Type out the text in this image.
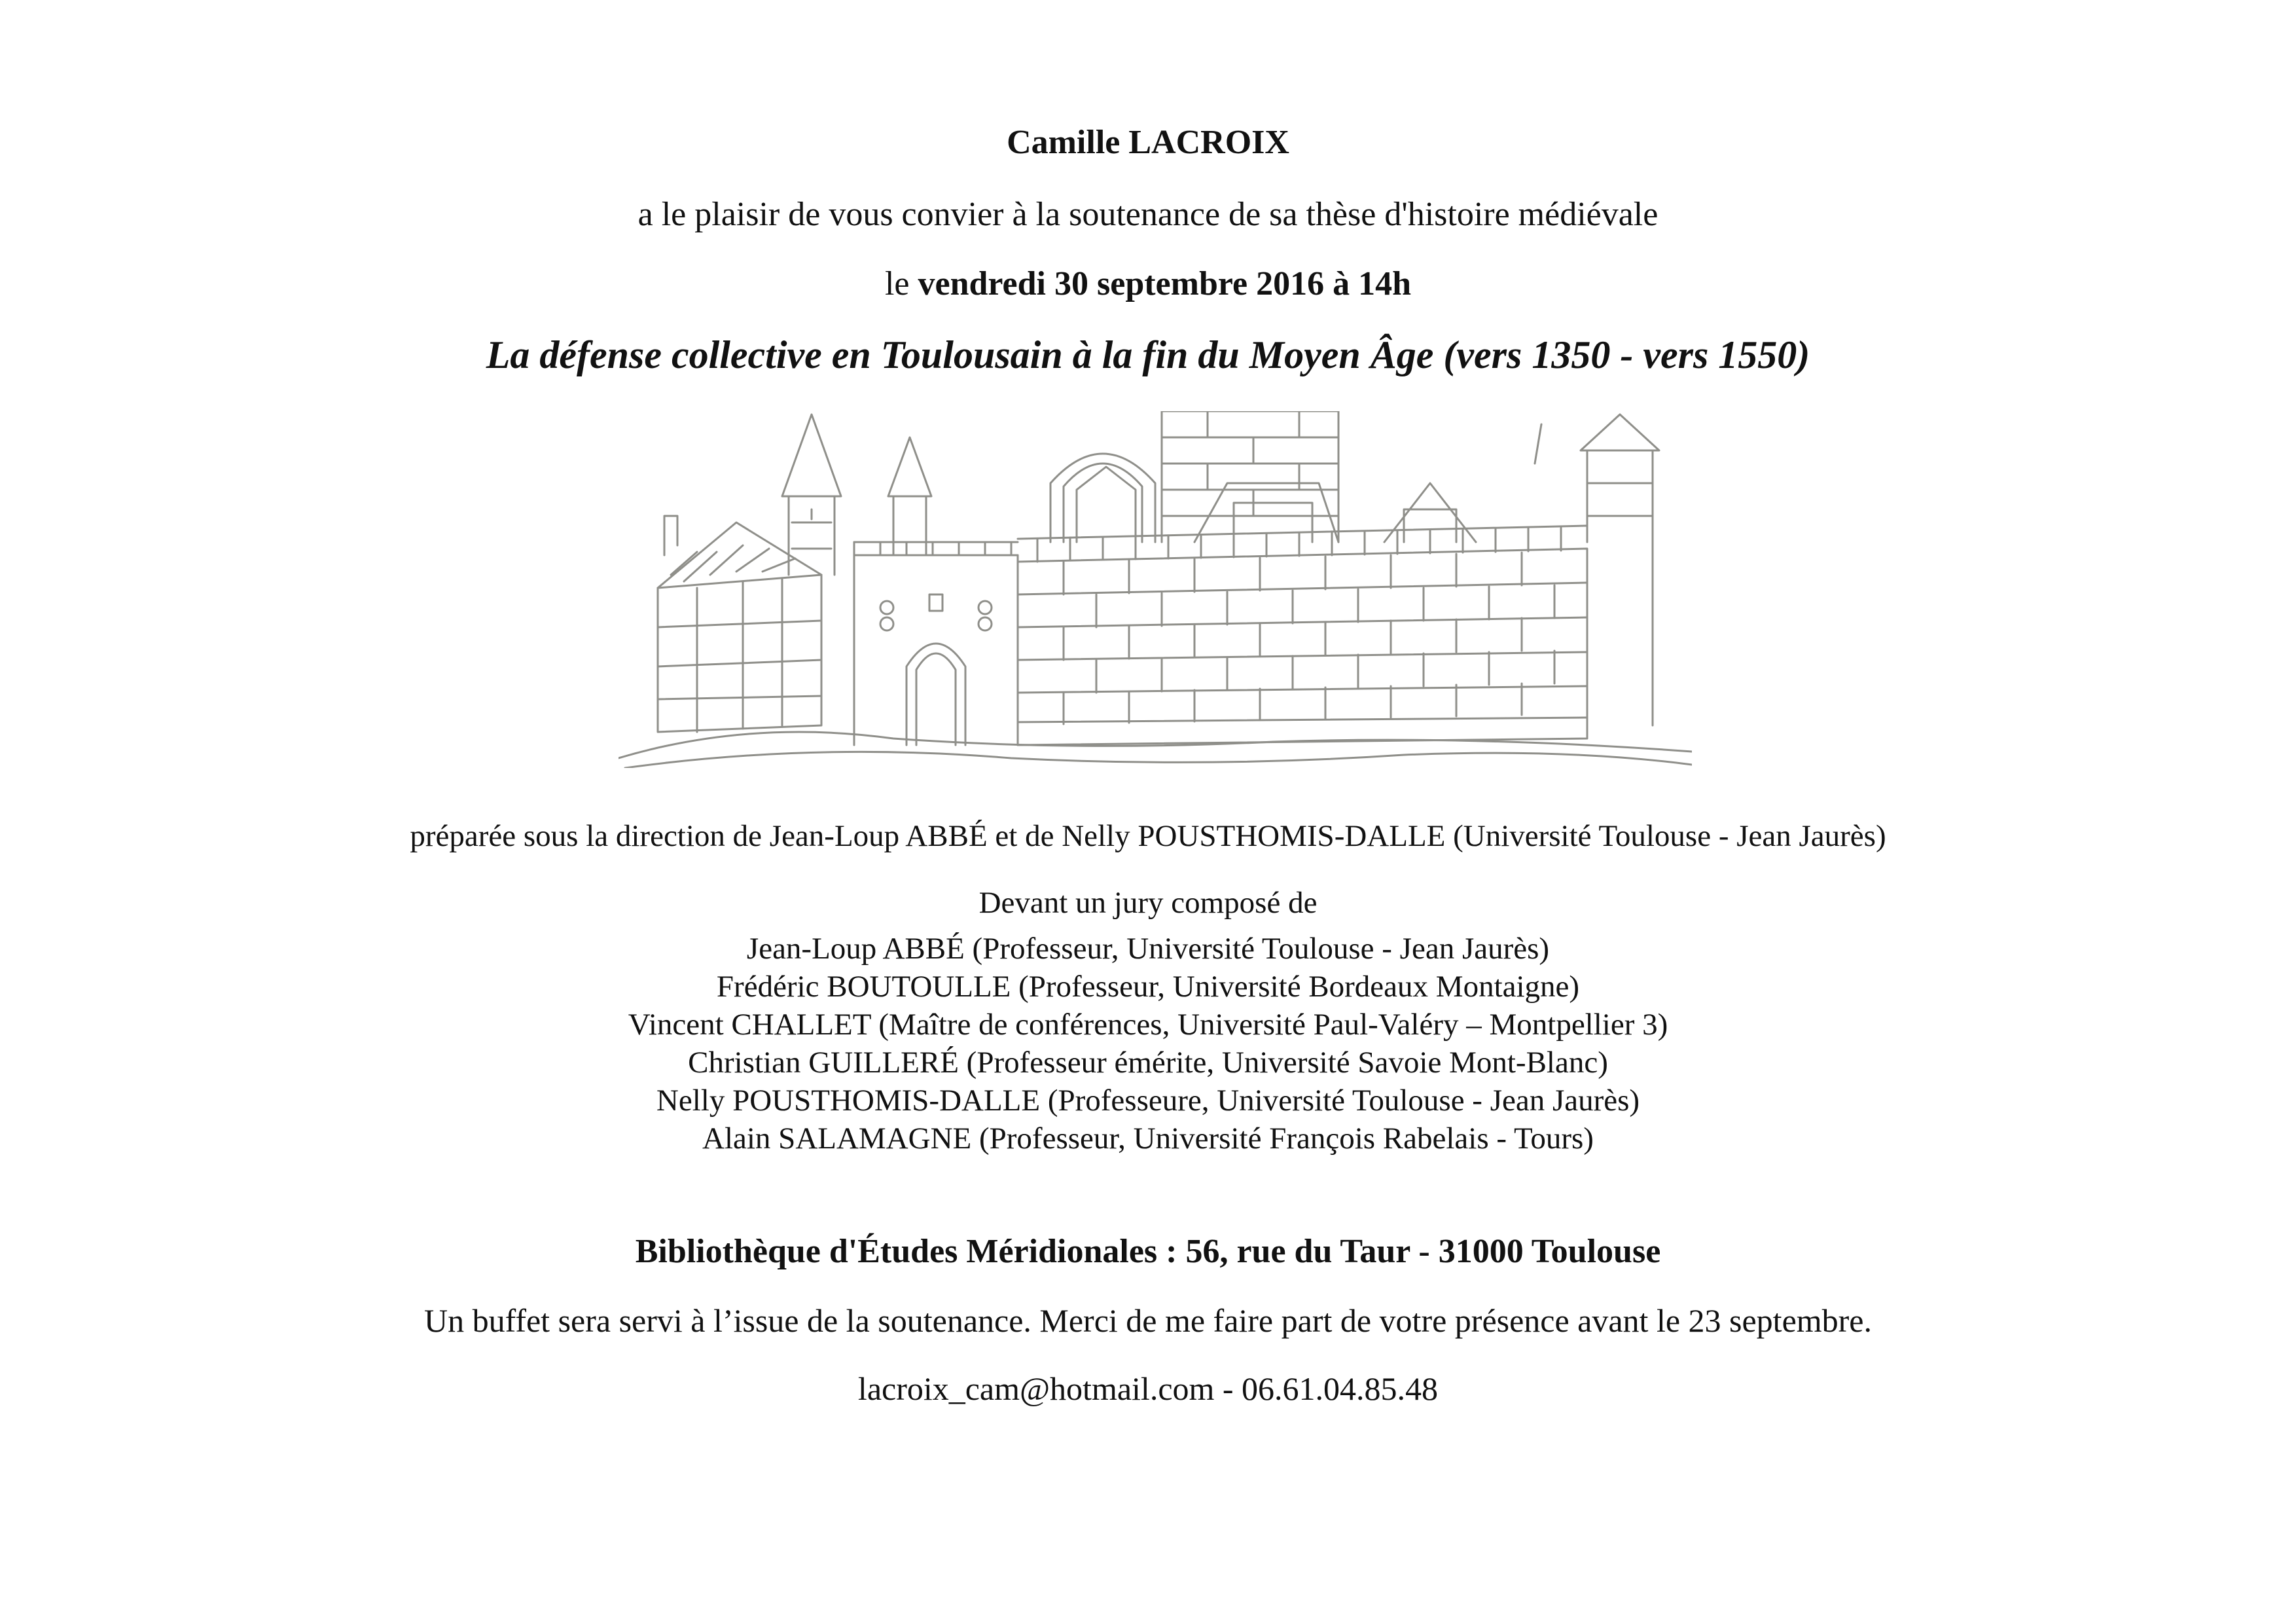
Camille LACROIX
a le plaisir de vous convier à la soutenance de sa thèse d'histoire médiévale
le vendredi 30 septembre 2016 à 14h
La défense collective en Toulousain à la fin du Moyen Âge (vers 1350 - vers 1550)
préparée sous la direction de Jean-Loup ABBÉ et de Nelly POUSTHOMIS-DALLE (Université Toulouse - Jean Jaurès)
Devant un jury composé de
Jean-Loup ABBÉ (Professeur, Université Toulouse - Jean Jaurès)
Frédéric BOUTOULLE (Professeur, Université Bordeaux Montaigne)
Vincent CHALLET (Maître de conférences, Université Paul-Valéry – Montpellier 3)
Christian GUILLERÉ (Professeur émérite, Université Savoie Mont-Blanc)
Nelly POUSTHOMIS-DALLE (Professeure, Université Toulouse - Jean Jaurès)
Alain SALAMAGNE (Professeur, Université François Rabelais - Tours)
Bibliothèque d'Études Méridionales : 56, rue du Taur - 31000 Toulouse
Un buffet sera servi à l’issue de la soutenance. Merci de me faire part de votre présence avant le 23 septembre.
lacroix_cam@hotmail.com - 06.61.04.85.48
